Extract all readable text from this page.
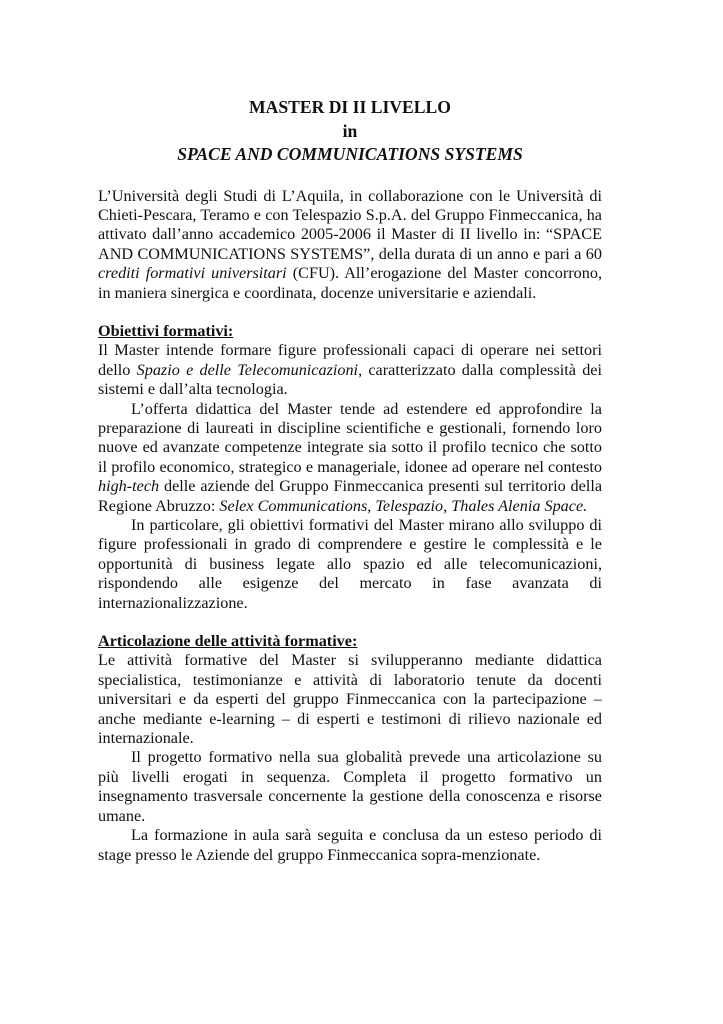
MASTER DI II LIVELLO
in
SPACE AND COMMUNICATIONS SYSTEMS

L’Università degli Studi di L’Aquila, in collaborazione con le Università di Chieti-Pescara, Teramo e con Telespazio S.p.A. del Gruppo Finmeccanica, ha attivato dall’anno accademico 2005-2006 il Master di II livello in: “SPACE AND COMMUNICATIONS SYSTEMS”, della durata di un anno e pari a 60 crediti formativi universitari (CFU). All’erogazione del Master concorrono, in maniera sinergica e coordinata, docenze universitarie e aziendali.

Obiettivi formativi:

Il Master intende formare figure professionali capaci di operare nei settori dello Spazio e delle Telecomunicazioni, caratterizzato dalla complessità dei sistemi e dall’alta tecnologia.

L’offerta didattica del Master tende ad estendere ed approfondire la preparazione di laureati in discipline scientifiche e gestionali, fornendo loro nuove ed avanzate competenze integrate sia sotto il profilo tecnico che sotto il profilo economico, strategico e manageriale, idonee ad operare nel contesto high-tech delle aziende del Gruppo Finmeccanica presenti sul territorio della Regione Abruzzo: Selex Communications, Telespazio, Thales Alenia Space.

In particolare, gli obiettivi formativi del Master mirano allo sviluppo di figure professionali in grado di comprendere e gestire le complessità e le opportunità di business legate allo spazio ed alle telecomunicazioni, rispondendo alle esigenze del mercato in fase avanzata di internazionalizzazione.

Articolazione delle attività formative:

Le attività formative del Master si svilupperanno mediante didattica specialistica, testimonianze e attività di laboratorio tenute da docenti universitari e da esperti del gruppo Finmeccanica con la partecipazione – anche mediante e-learning – di esperti e testimoni di rilievo nazionale ed internazionale.

Il progetto formativo nella sua globalità prevede una articolazione su più livelli erogati in sequenza. Completa il progetto formativo un insegnamento trasversale concernente la gestione della conoscenza e risorse umane.

La formazione in aula sarà seguita e conclusa da un esteso periodo di stage presso le Aziende del gruppo Finmeccanica sopra-menzionate.
